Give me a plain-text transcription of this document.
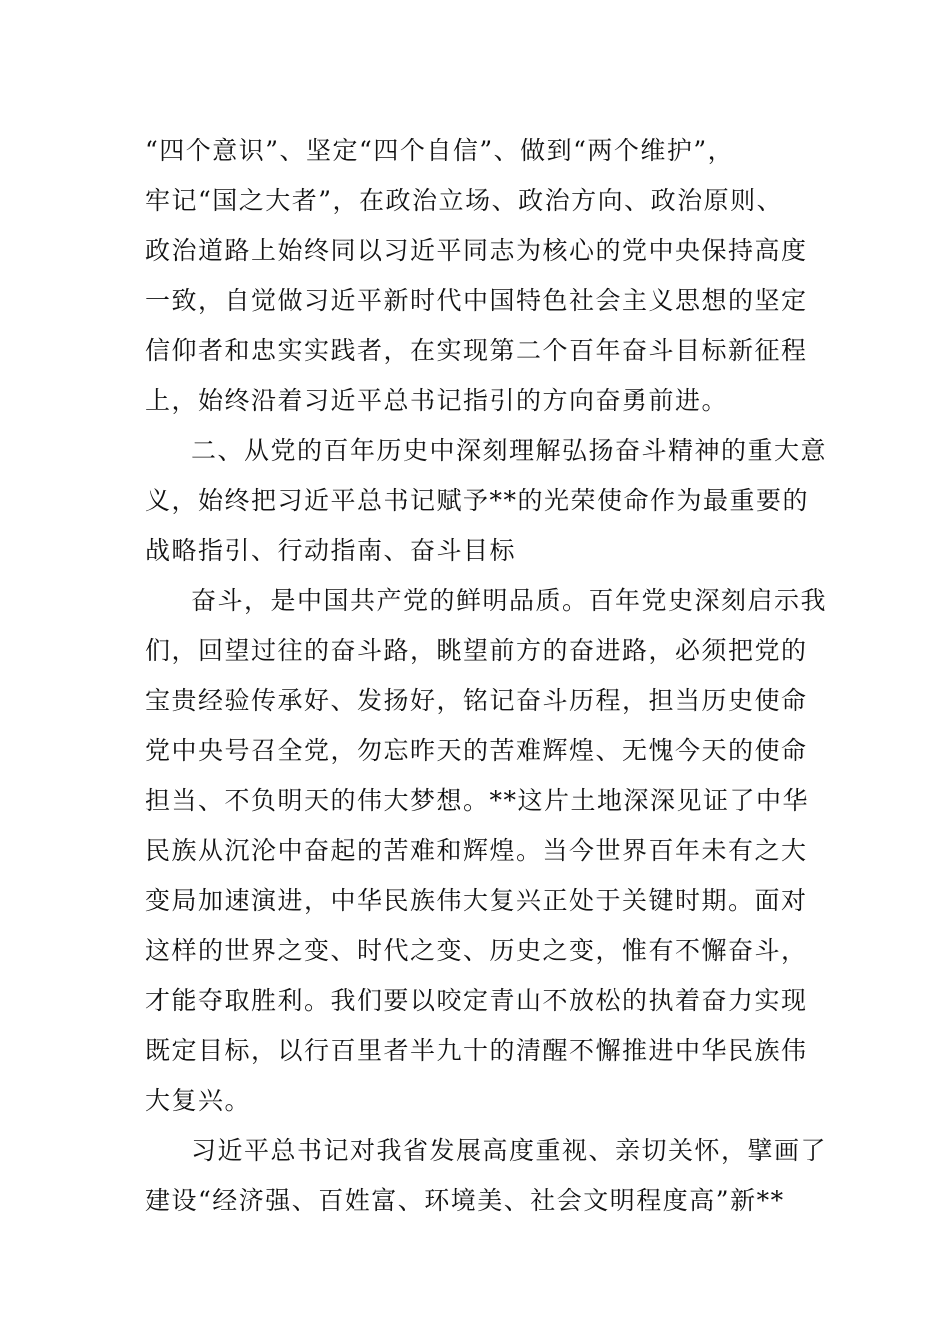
“四个意识”、坚定“四个自信”、做到“两个维护”，
牢记“国之大者”，在政治立场、政治方向、政治原则、
政治道路上始终同以习近平同志为核心的党中央保持高度
一致，自觉做习近平新时代中国特色社会主义思想的坚定
信仰者和忠实实践者，在实现第二个百年奋斗目标新征程
上，始终沿着习近平总书记指引的方向奋勇前进。
二、从党的百年历史中深刻理解弘扬奋斗精神的重大意
义，始终把习近平总书记赋予**的光荣使命作为最重要的
战略指引、行动指南、奋斗目标
奋斗，是中国共产党的鲜明品质。百年党史深刻启示我
们，回望过往的奋斗路，眺望前方的奋进路，必须把党的
宝贵经验传承好、发扬好，铭记奋斗历程，担当历史使命
党中央号召全党，勿忘昨天的苦难辉煌、无愧今天的使命
担当、不负明天的伟大梦想。**这片土地深深见证了中华
民族从沉沦中奋起的苦难和辉煌。当今世界百年未有之大
变局加速演进，中华民族伟大复兴正处于关键时期。面对
这样的世界之变、时代之变、历史之变，惟有不懈奋斗，
才能夺取胜利。我们要以咬定青山不放松的执着奋力实现
既定目标，以行百里者半九十的清醒不懈推进中华民族伟
大复兴。
习近平总书记对我省发展高度重视、亲切关怀，擘画了
建设“经济强、百姓富、环境美、社会文明程度高”新**
